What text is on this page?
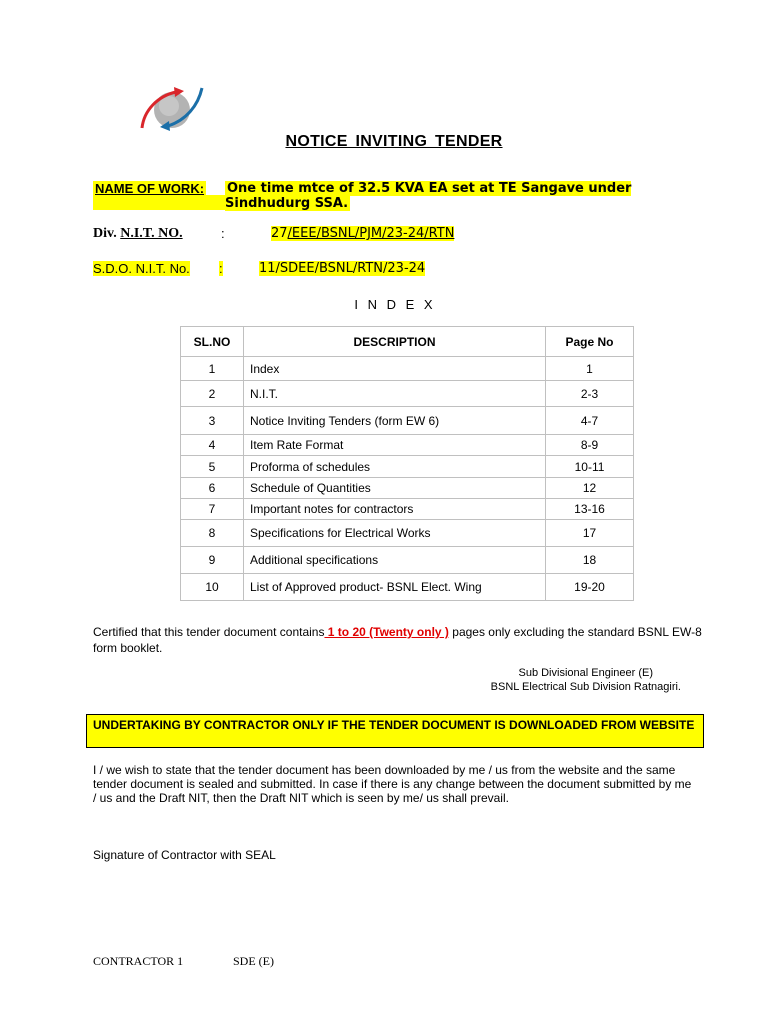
NOTICE INVITING TENDER
NAME OF WORK: One time mtce of 32.5 KVA EA set at TE Sangave under Sindhudurg SSA.
Div. N.I.T. NO.	:	27/EEE/BSNL/PJM/23-24/RTN
S.D.O. N.I.T. No. :	11/SDEE/BSNL/RTN/23-24
I N D E X
SL.NO	DESCRIPTION	Page No
1	Index	1
2	N.I.T.	2-3
3	Notice Inviting Tenders (form EW 6)	4-7
4	Item Rate Format	8-9
5	Proforma of schedules	10-11
6	Schedule of Quantities	12
7	Important notes for contractors	13-16
8	Specifications for Electrical Works	17
9	Additional specifications	18
10	List of Approved product- BSNL Elect. Wing	19-20
Certified that this tender document contains 1 to 20 (Twenty only ) pages only excluding the standard BSNL EW-8 form booklet.
Sub Divisional Engineer (E)
BSNL Electrical Sub Division Ratnagiri.
UNDERTAKING BY CONTRACTOR ONLY IF THE TENDER DOCUMENT IS DOWNLOADED FROM WEBSITE
I / we wish to state that the tender document has been downloaded by me / us from the website and the same tender document is sealed and submitted. In case if there is any change between the document submitted by me / us and the Draft NIT, then the Draft NIT which is seen by me/ us shall prevail.
Signature of Contractor with SEAL
CONTRACTOR 1	SDE (E)
